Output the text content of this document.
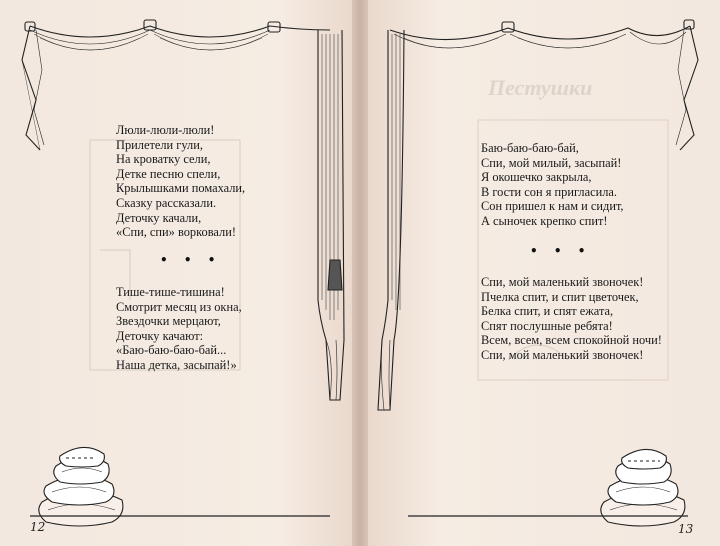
Люли-люли-люли!
Прилетели гули,
На кроватку сели,
Детке песню спели,
Крылышками помахали,
Сказку рассказали.
Деточку качали,
«Спи, спи» ворковали!
• • •
Тише-тише-тишина!
Смотрит месяц из окна,
Звездочки мерцают,
Деточку качают:
«Баю-баю-баю-бай...
Наша детка, засыпай!»
12
Пестушки
Баю-баю-баю-бай,
Спи, мой милый, засыпай!
Я окошечко закрыла,
В гости сон я пригласила.
Сон пришел к нам и сидит,
А сыночек крепко спит!
• • •
Спи, мой маленький звоночек!
Пчелка спит, и спит цветочек,
Белка спит, и спят ежата,
Спят послушные ребята!
Всем, всем, всем спокойной ночи!
Спи, мой маленький звоночек!
13
